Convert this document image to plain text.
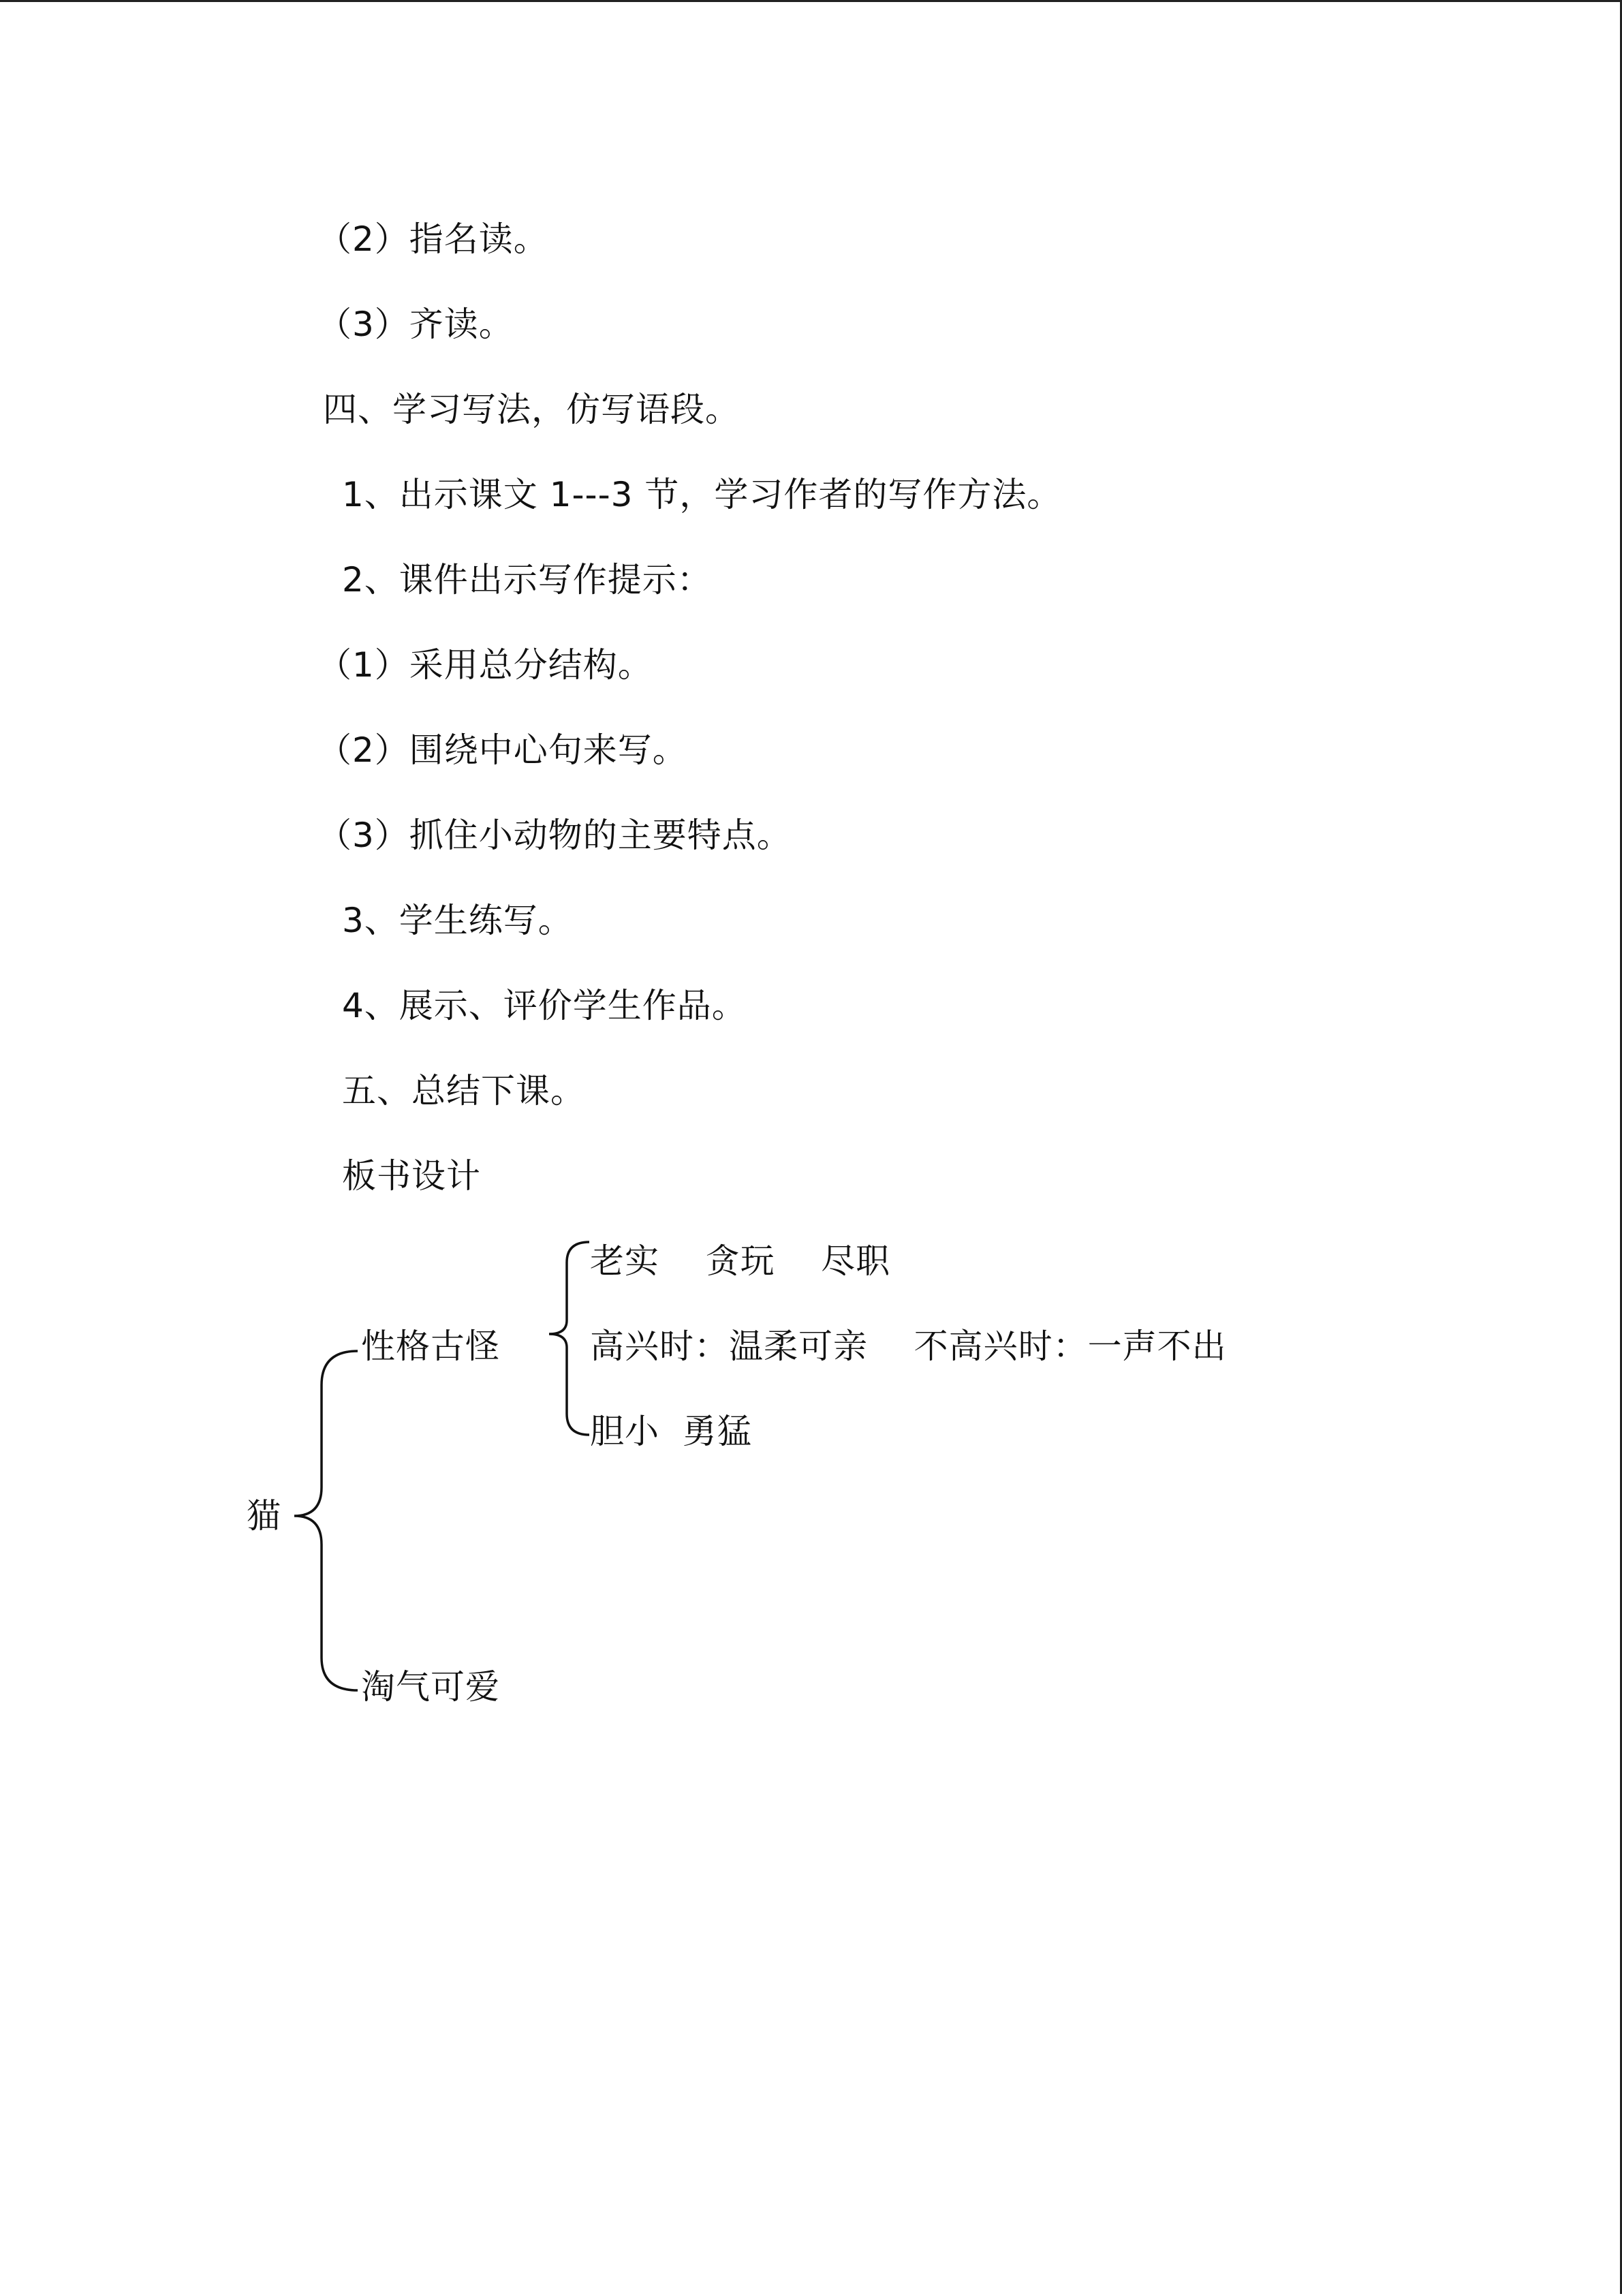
（2）指名读。
（3）齐读。
四、学习写法，仿写语段。
1、出示课文 1---3 节，学习作者的写作方法。
2、课件出示写作提示：
（1）采用总分结构。
（2）围绕中心句来写。
（3）抓住小动物的主要特点。
3、学生练写。
4、展示、评价学生作品。
五、总结下课。
板书设计
猫
性格古怪
老实    贪玩    尽职
高兴时：温柔可亲    不高兴时：一声不出
胆小  勇猛
淘气可爱
